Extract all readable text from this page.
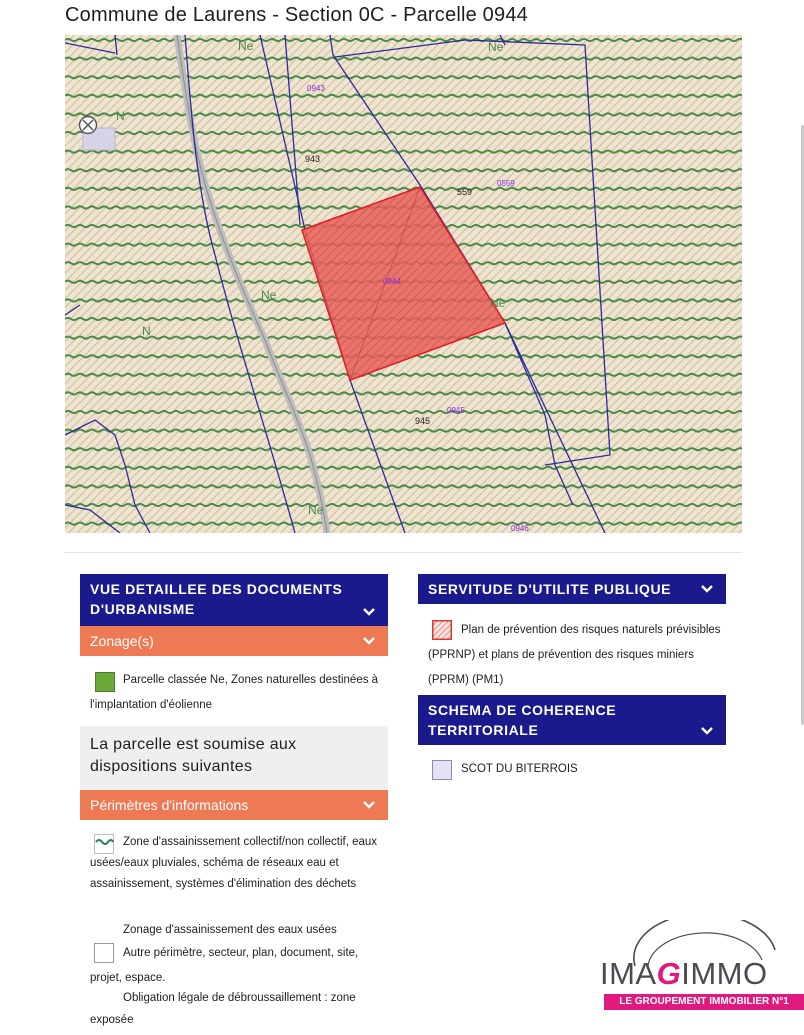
Commune de Laurens - Section 0C - Parcelle 0944
0943
943
559
0559
0944
0945
945
0946
Ne	Ne
N
Ne
Ne
N
Ne
VUE DETAILLEE DES DOCUMENTS D'URBANISME
Zonage(s)
Parcelle classée Ne, Zones naturelles destinées à l'implantation d'éolienne
La parcelle est soumise aux dispositions suivantes
Périmètres d'informations
Zone d'assainissement collectif/non collectif, eaux usées/eaux pluviales, schéma de réseaux eau et assainissement, systèmes d'élimination des déchets
Zonage d'assainissement des eaux usées
Autre périmètre, secteur, plan, document, site, projet, espace.
Obligation légale de débroussaillement : zone exposée
SERVITUDE D'UTILITE PUBLIQUE
Plan de prévention des risques naturels prévisibles (PPRNP) et plans de prévention des risques miniers (PPRM) (PM1)
SCHEMA DE COHERENCE TERRITORIALE
SCOT DU BITERROIS
IMAGIMMO
LE GROUPEMENT IMMOBILIER N°1
